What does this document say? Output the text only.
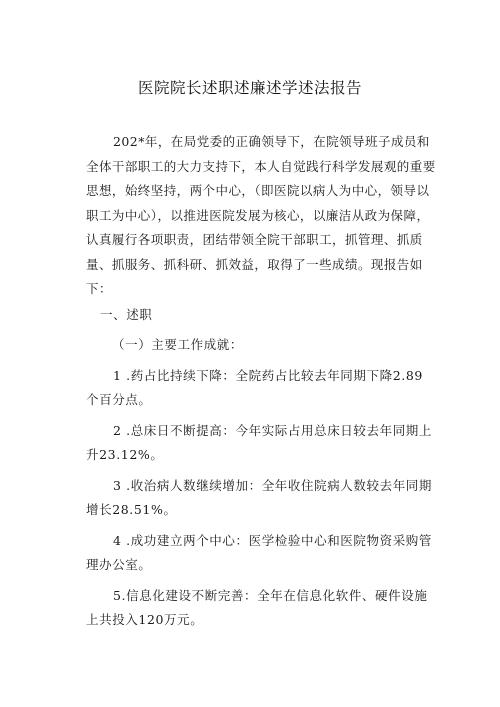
医院院长述职述廉述学述法报告

202*年，在局党委的正确领导下，在院领导班子成员和全体干部职工的大力支持下，本人自觉践行科学发展观的重要思想，始终坚持，两个中心，（即医院以病人为中心，领导以职工为中心），以推进医院发展为核心，以廉洁从政为保障，认真履行各项职责，团结带领全院干部职工，抓管理、抓质量、抓服务、抓科研、抓效益，取得了一些成绩。现报告如下：

一、述职

（一）主要工作成就：

1 .药占比持续下降：全院药占比较去年同期下降2.89个百分点。

2 .总床日不断提高：今年实际占用总床日较去年同期上升23.12%。

3 .收治病人数继续增加：全年收住院病人数较去年同期增长28.51%。

4 .成功建立两个中心：医学检验中心和医院物资采购管理办公室。

5.信息化建设不断完善：全年在信息化软件、硬件设施上共投入120万元。
